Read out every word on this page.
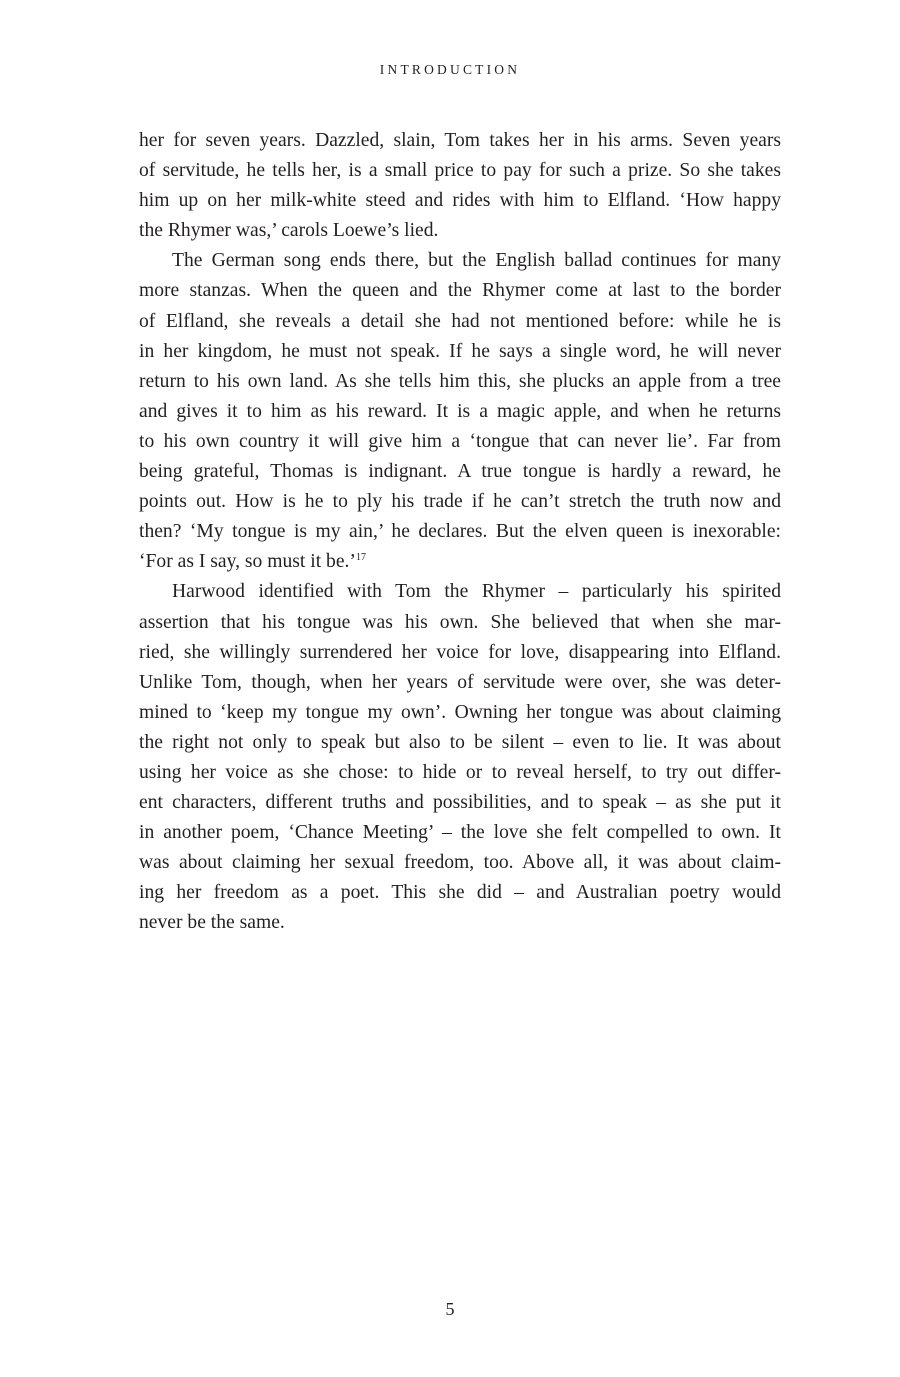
INTRODUCTION

her for seven years. Dazzled, slain, Tom takes her in his arms. Seven years
of servitude, he tells her, is a small price to pay for such a prize. So she takes
him up on her milk-white steed and rides with him to Elfland. ‘How happy
the Rhymer was,’ carols Loewe’s lied.

The German song ends there, but the English ballad continues for many
more stanzas. When the queen and the Rhymer come at last to the border
of Elfland, she reveals a detail she had not mentioned before: while he is
in her kingdom, he must not speak. If he says a single word, he will never
return to his own land. As she tells him this, she plucks an apple from a tree
and gives it to him as his reward. It is a magic apple, and when he returns
to his own country it will give him a ‘tongue that can never lie’. Far from
being grateful, Thomas is indignant. A true tongue is hardly a reward, he
points out. How is he to ply his trade if he can’t stretch the truth now and
then? ‘My tongue is my ain,’ he declares. But the elven queen is inexorable:
‘For as I say, so must it be.’$^{17}$

Harwood identified with Tom the Rhymer – particularly his spirited
assertion that his tongue was his own. She believed that when she mar-
ried, she willingly surrendered her voice for love, disappearing into Elfland.
Unlike Tom, though, when her years of servitude were over, she was deter-
mined to ‘keep my tongue my own’. Owning her tongue was about claiming
the right not only to speak but also to be silent – even to lie. It was about
using her voice as she chose: to hide or to reveal herself, to try out differ-
ent characters, different truths and possibilities, and to speak – as she put it
in another poem, ‘Chance Meeting’ – the love she felt compelled to own. It
was about claiming her sexual freedom, too. Above all, it was about claim-
ing her freedom as a poet. This she did – and Australian poetry would
never be the same.

5
